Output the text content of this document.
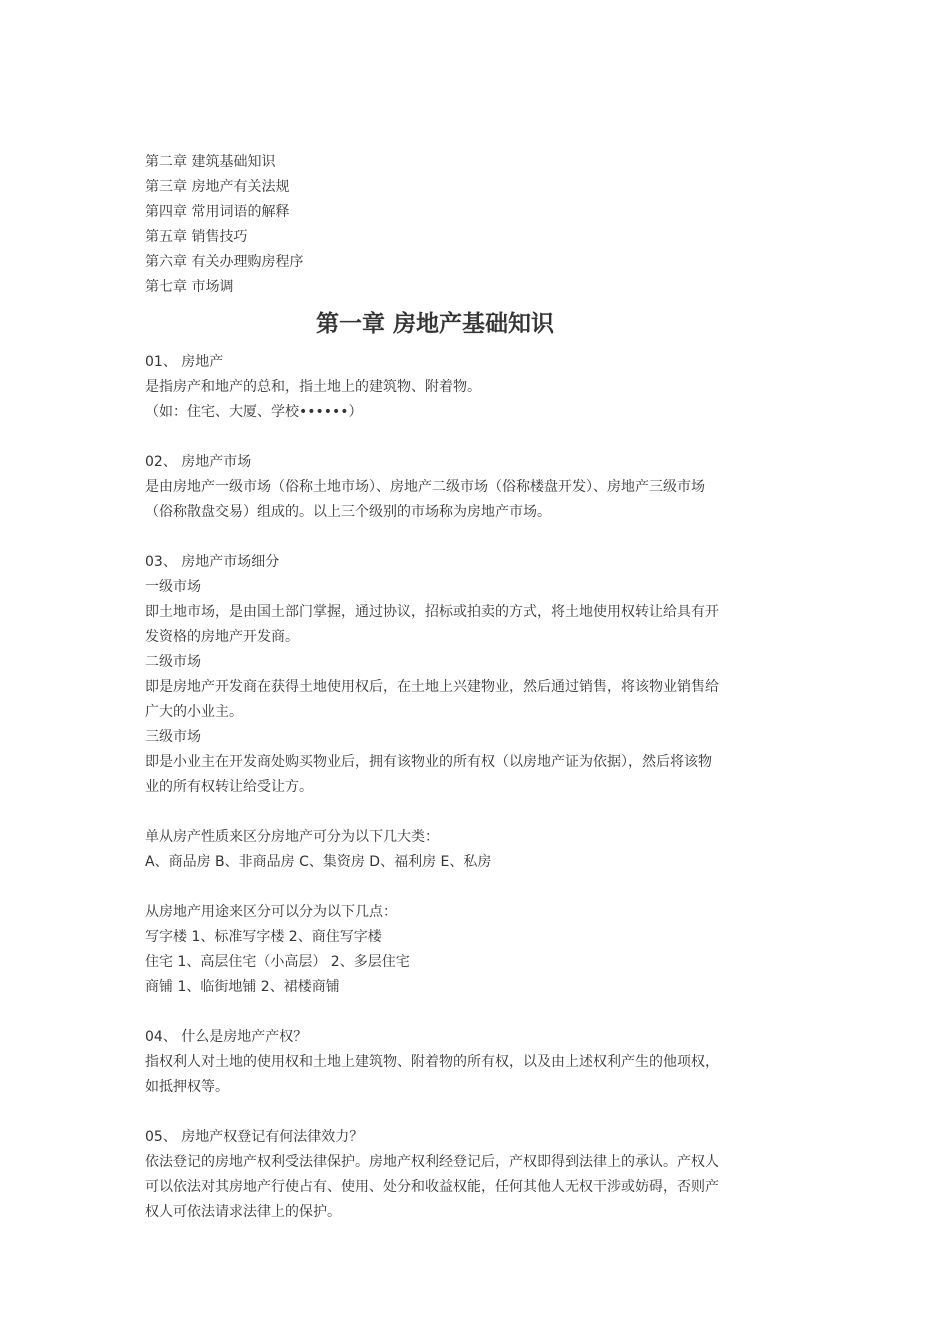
第二章 建筑基础知识
第三章 房地产有关法规
第四章 常用词语的解释
第五章 销售技巧
第六章 有关办理购房程序
第七章 市场调
第一章 房地产基础知识
01、 房地产
是指房产和地产的总和，指土地上的建筑物、附着物。
（如：住宅、大厦、学校••••••）
02、 房地产市场
是由房地产一级市场（俗称土地市场）、房地产二级市场（俗称楼盘开发）、房地产三级市场
（俗称散盘交易）组成的。以上三个级别的市场称为房地产市场。
03、 房地产市场细分
一级市场
即土地市场，是由国土部门掌握，通过协议，招标或拍卖的方式，将土地使用权转让给具有开
发资格的房地产开发商。
二级市场
即是房地产开发商在获得土地使用权后，在土地上兴建物业，然后通过销售，将该物业销售给
广大的小业主。
三级市场
即是小业主在开发商处购买物业后，拥有该物业的所有权（以房地产证为依据），然后将该物
业的所有权转让给受让方。
单从房产性质来区分房地产可分为以下几大类：
A、商品房 B、非商品房 C、集资房 D、福利房 E、私房
从房地产用途来区分可以分为以下几点：
写字楼 1、标准写字楼 2、商住写字楼
住宅 1、高层住宅（小高层） 2、多层住宅
商铺 1、临街地铺 2、裙楼商铺
04、 什么是房地产产权？
指权利人对土地的使用权和土地上建筑物、附着物的所有权，以及由上述权利产生的他项权，
如抵押权等。
05、 房地产权登记有何法律效力？
依法登记的房地产权利受法律保护。房地产权利经登记后，产权即得到法律上的承认。产权人
可以依法对其房地产行使占有、使用、处分和收益权能，任何其他人无权干涉或妨碍，否则产
权人可依法请求法律上的保护。
